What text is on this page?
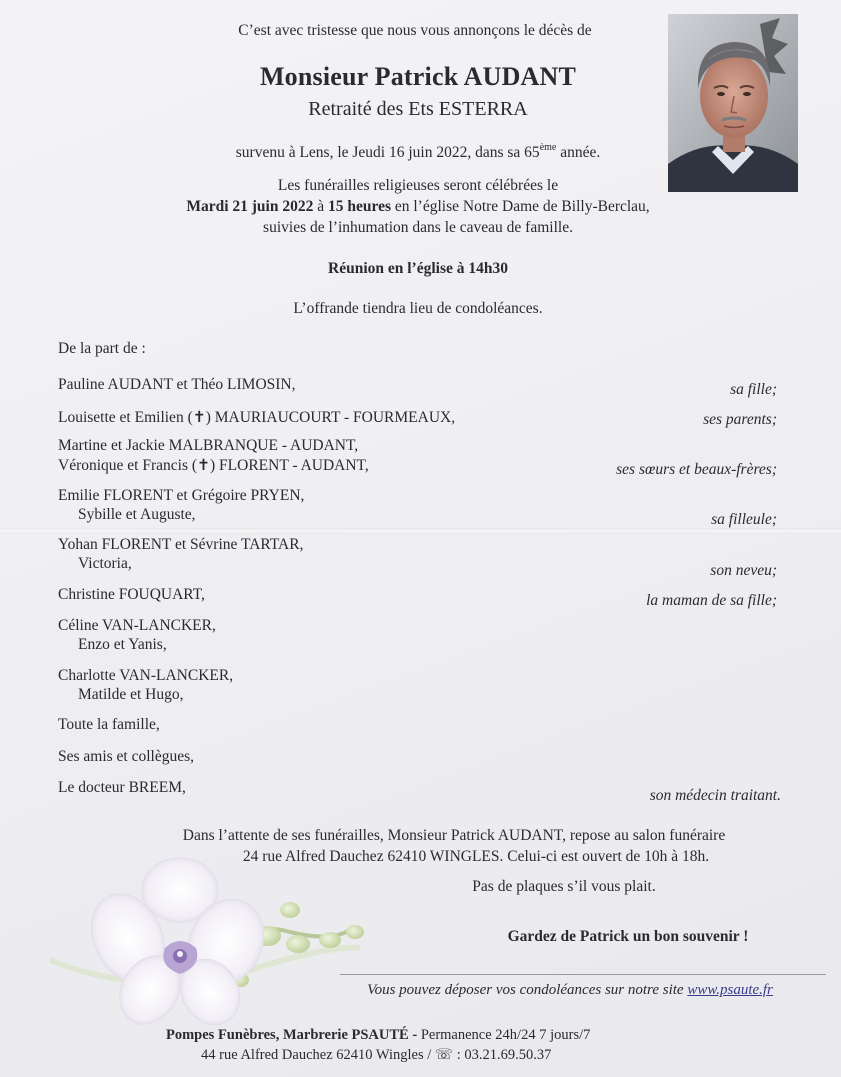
C’est avec tristesse que nous vous annonçons le décès de
Monsieur Patrick AUDANT
Retraité des Ets ESTERRA
survenu à Lens, le Jeudi 16 juin 2022, dans sa 65ème année.
Les funérailles religieuses seront célébrées le
Mardi 21 juin 2022 à 15 heures en l’église Notre Dame de Billy-Berclau,
suivies de l’inhumation dans le caveau de famille.
Réunion en l’église à 14h30
L’offrande tiendra lieu de condoléances.
De la part de :
Pauline AUDANT et Théo LIMOSIN,	sa fille;
Louisette et Emilien (✝) MAURIAUCOURT - FOURMEAUX,	ses parents;
Martine et Jackie MALBRANQUE - AUDANT,
Véronique et Francis (✝) FLORENT - AUDANT,	ses sœurs et beaux-frères;
Emilie FLORENT et Grégoire PRYEN,
Sybille et Auguste,	sa filleule;
Yohan FLORENT et Sévrine TARTAR,
Victoria,	son neveu;
Christine FOUQUART,	la maman de sa fille;
Céline VAN-LANCKER,
Enzo et Yanis,
Charlotte VAN-LANCKER,
Matilde et Hugo,
Toute la famille,
Ses amis et collègues,
Le docteur BREEM,	son médecin traitant.
Dans l’attente de ses funérailles, Monsieur Patrick AUDANT, repose au salon funéraire
24 rue Alfred Dauchez 62410 WINGLES. Celui-ci est ouvert de 10h à 18h.
Pas de plaques s’il vous plait.
Gardez de Patrick un bon souvenir !
Vous pouvez déposer vos condoléances sur notre site www.psaute.fr
Pompes Funèbres, Marbrerie PSAUTÉ - Permanence 24h/24 7 jours/7
44 rue Alfred Dauchez 62410 Wingles / ☏ : 03.21.69.50.37
